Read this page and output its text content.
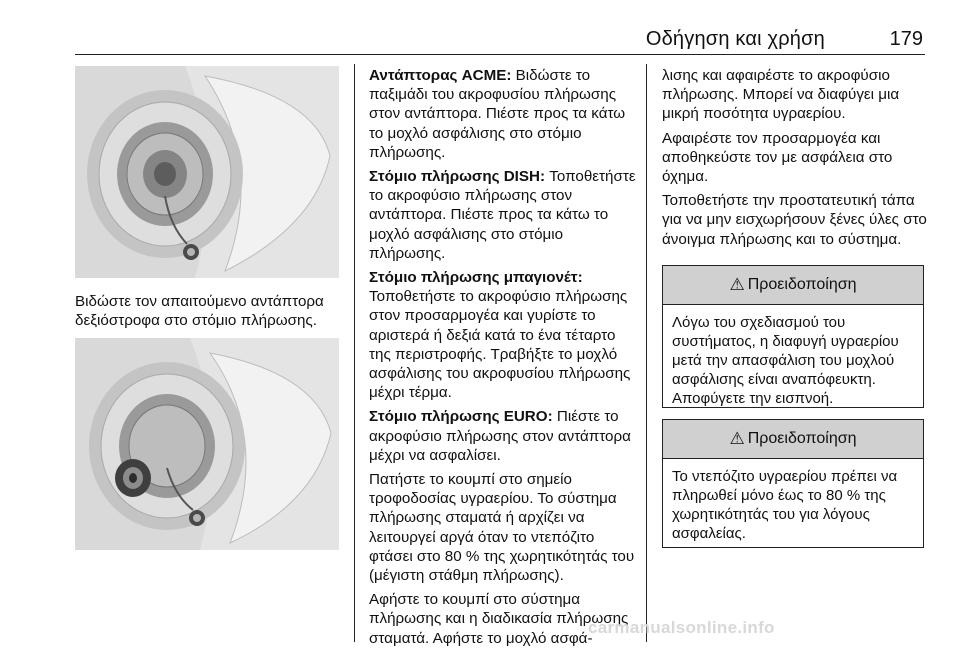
Οδήγηση και χρήση	179
Βιδώστε τον απαιτούμενο αντάπτορα δεξιόστροφα στο στόμιο πλήρωσης.

Αντάπτορας ACME: Βιδώστε το παξιμάδι του ακροφυσίου πλήρωσης στον αντάπτορα. Πιέστε προς τα κάτω το μοχλό ασφάλισης στο στόμιο πλήρωσης.

Στόμιο πλήρωσης DISH: Τοποθετήστε το ακροφύσιο πλήρωσης στον αντάπτορα. Πιέστε προς τα κάτω το μοχλό ασφάλισης στο στόμιο πλήρωσης.

Στόμιο πλήρωσης μπαγιονέτ: Τοποθετήστε το ακροφύσιο πλήρωσης στον προσαρμογέα και γυρίστε το αριστερά ή δεξιά κατά το ένα τέταρτο της περιστροφής. Τραβήξτε το μοχλό ασφάλισης του ακροφυσίου πλήρωσης μέχρι τέρμα.

Στόμιο πλήρωσης EURO: Πιέστε το ακροφύσιο πλήρωσης στον αντάπτορα μέχρι να ασφαλίσει.

Πατήστε το κουμπί στο σημείο τροφοδοσίας υγραερίου. Το σύστημα πλήρωσης σταματά ή αρχίζει να λειτουργεί αργά όταν το ντεπόζιτο φτάσει στο 80 % της χωρητικότητάς του (μέγιστη στάθμη πλήρωσης).

Αφήστε το κουμπί στο σύστημα πλήρωσης και η διαδικασία πλήρωσης σταματά. Αφήστε το μοχλό ασφά-

λισης και αφαιρέστε το ακροφύσιο πλήρωσης. Μπορεί να διαφύγει μια μικρή ποσότητα υγραερίου.

Αφαιρέστε τον προσαρμογέα και αποθηκεύστε τον με ασφάλεια στο όχημα.

Τοποθετήστε την προστατευτική τάπα για να μην εισχωρήσουν ξένες ύλες στο άνοιγμα πλήρωσης και το σύστημα.

⚠ Προειδοποίηση
Λόγω του σχεδιασμού του συστήματος, η διαφυγή υγραερίου μετά την απασφάλιση του μοχλού ασφάλισης είναι αναπόφευκτη. Αποφύγετε την εισπνοή.
⚠ Προειδοποίηση
Το ντεπόζιτο υγραερίου πρέπει να πληρωθεί μόνο έως το 80 % της χωρητικότητάς του για λόγους ασφαλείας.
carmanualsonline.info
